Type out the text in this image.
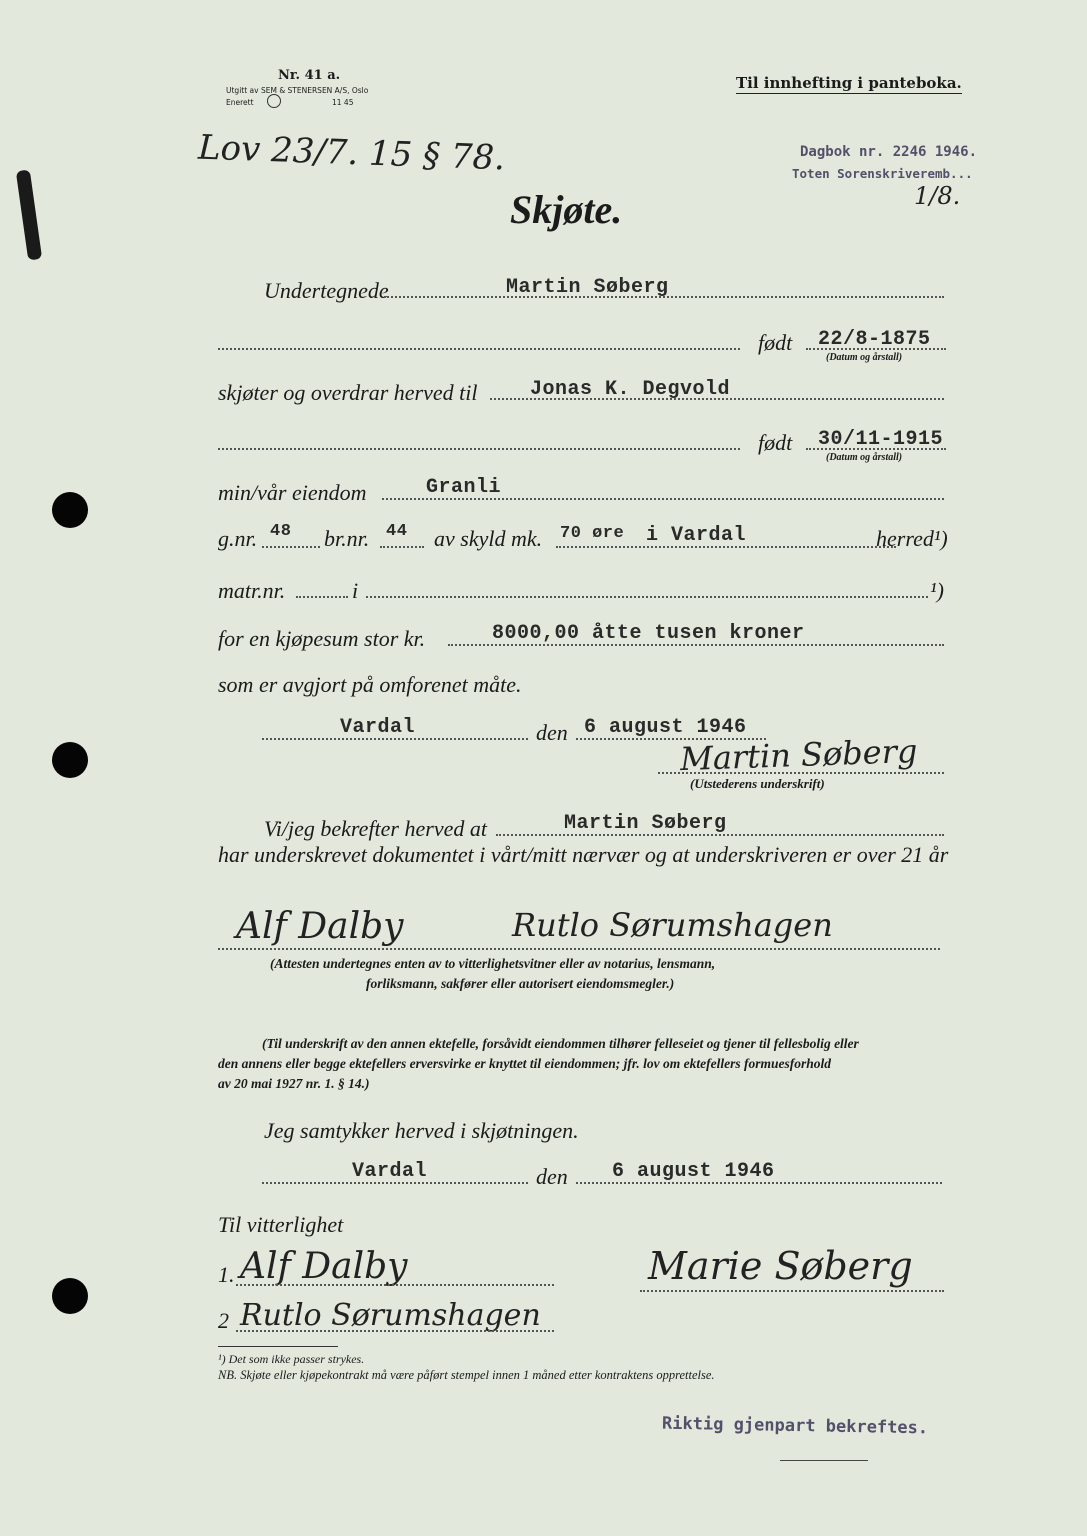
Nr. 41 a.
Utgitt av SEM & STENERSEN A/S, Oslo
Enerett	11 45
Til innhefting i panteboka.
Lov 23/7. 15 § 78.	Dagbok nr. 2246 1946.
Toten Sorenskriveremb...
1/8.
Skjøte.
Undertegnede	Martin Søberg
født 22/8-1875
(Datum og årstall)
skjøter og overdrar herved til	Jonas K. Degvold
født 30/11-1915
(Datum og årstall)
min/vår eiendom	Granli
g.nr. 48 br.nr. 44 av skyld mk. 70 øre i Vardal	herred¹)
matr.nr.	i	¹)
for en kjøpesum stor kr.	8000,00 åtte tusen kroner
som er avgjort på omforenet måte.
Vardal	den 6 august 1946
Martin Søberg
(Utstederens underskrift)
Vi/jeg bekrefter herved at	Martin Søberg
har underskrevet dokumentet i vårt/mitt nærvær og at underskriveren er over 21 år
Alf Dalby	Rutlo Sørumshagen
(Attesten undertegnes enten av to vitterlighetsvitner eller av notarius, lensmann,
forliksmann, sakfører eller autorisert eiendomsmegler.)
(Til underskrift av den annen ektefelle, forsåvidt eiendommen tilhører felleseiet og tjener til fellesbolig eller
den annens eller begge ektefellers erversvirke er knyttet til eiendommen; jfr. lov om ektefellers formuesforhold
av 20 mai 1927 nr. 1. § 14.)
Jeg samtykker herved i skjøtningen.
Vardal	den 6 august 1946
Til vitterlighet
1. Alf Dalby	Marie Søberg
2 Rutlo Sørumshagen
¹) Det som ikke passer strykes.
NB. Skjøte eller kjøpekontrakt må være påført stempel innen 1 måned etter kontraktens opprettelse.
Riktig gjenpart bekreftes.
